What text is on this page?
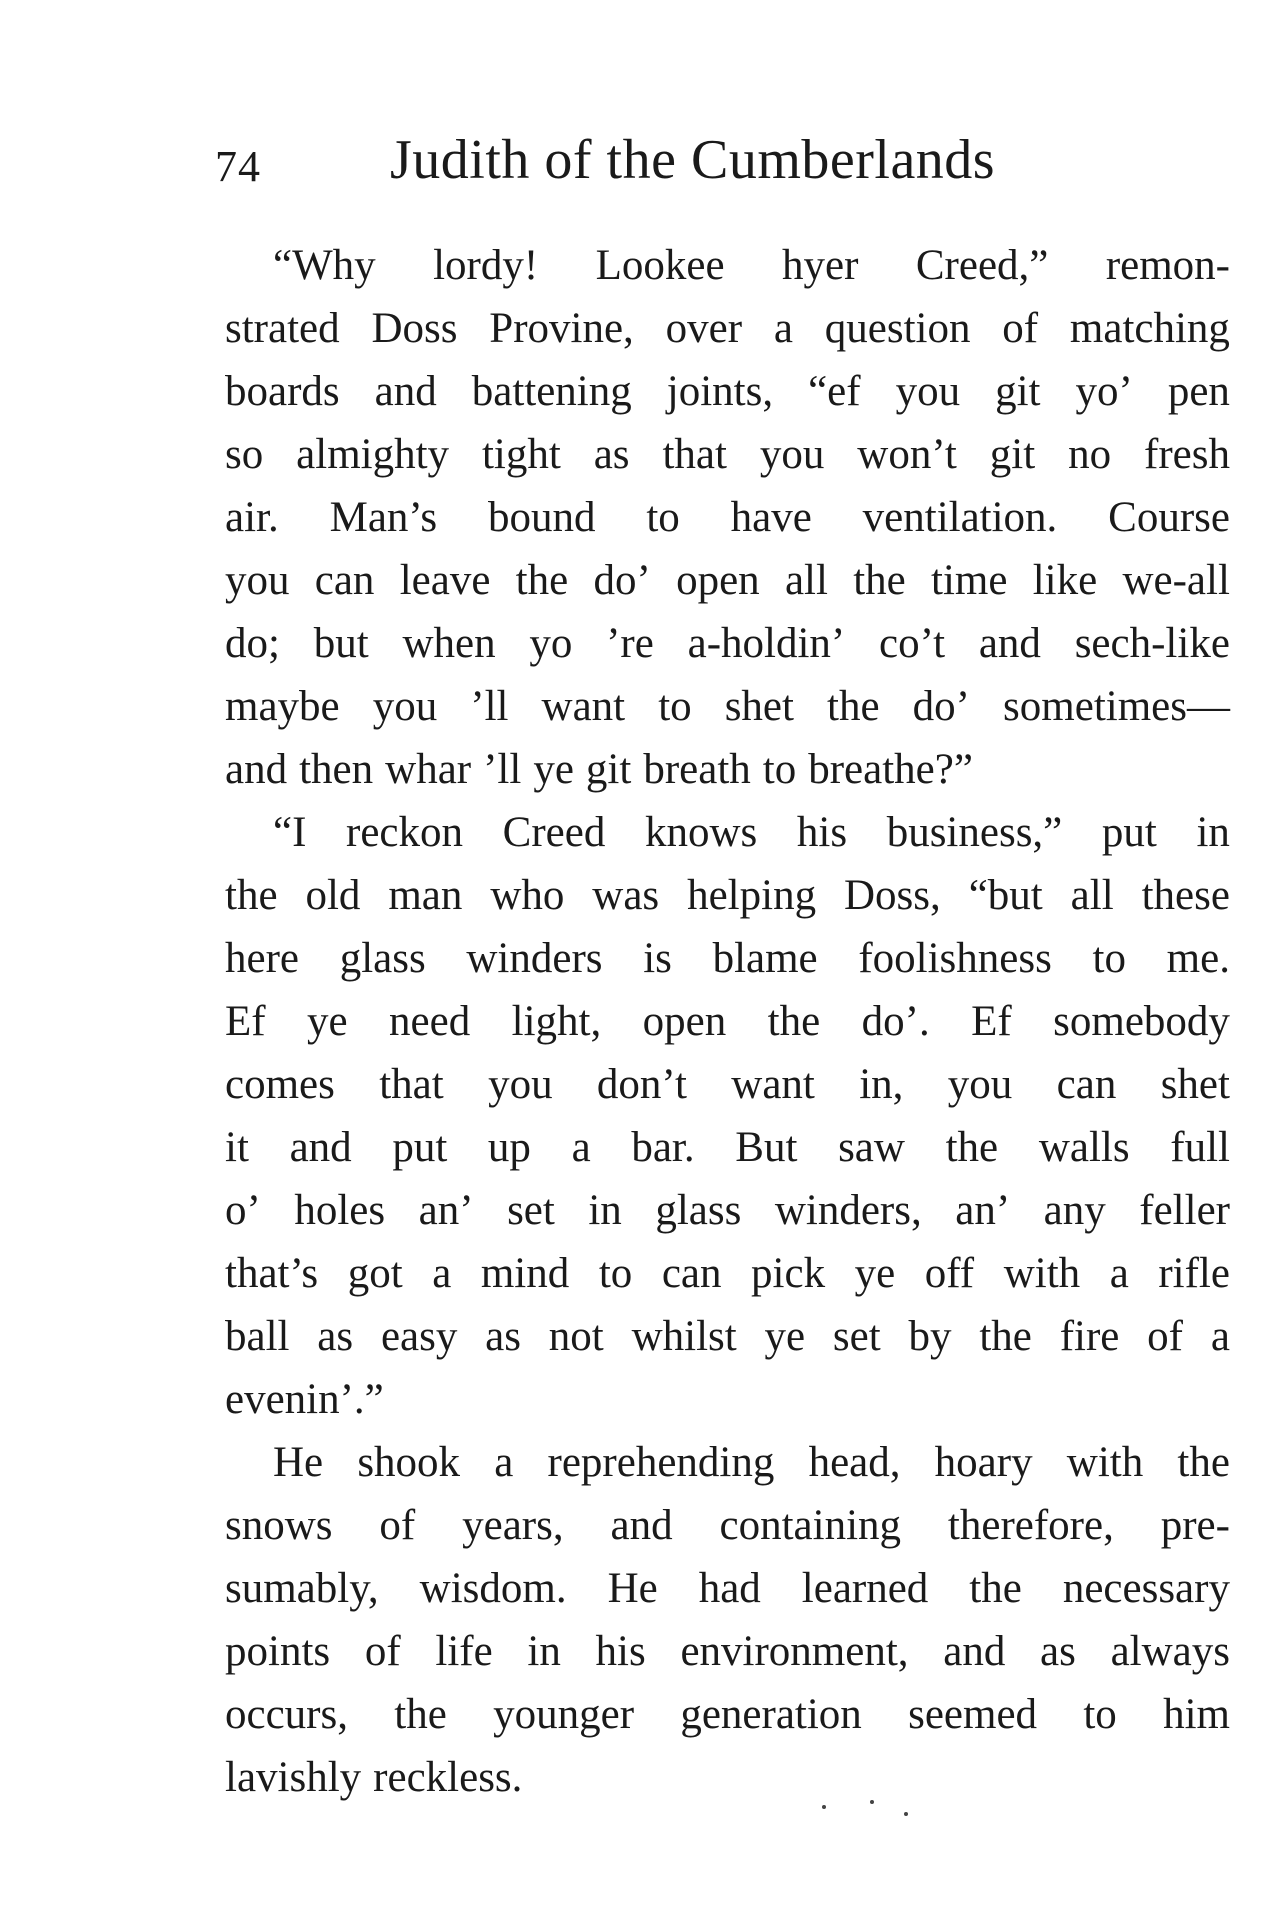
74 Judith of the Cumberlands
“Why lordy! Lookee hyer Creed,” remon-
strated Doss Provine, over a question of matching
boards and battening joints, “ef you git yo’ pen
so almighty tight as that you won’t git no fresh
air. Man’s bound to have ventilation. Course
you can leave the do’ open all the time like we-all
do; but when yo ’re a-holdin’ co’t and sech-like
maybe you ’ll want to shet the do’ sometimes—
and then whar ’ll ye git breath to breathe?”
“I reckon Creed knows his business,” put in
the old man who was helping Doss, “but all these
here glass winders is blame foolishness to me.
Ef ye need light, open the do’. Ef somebody
comes that you don’t want in, you can shet
it and put up a bar. But saw the walls full
o’ holes an’ set in glass winders, an’ any feller
that’s got a mind to can pick ye off with a rifle
ball as easy as not whilst ye set by the fire of a
evenin’.”
He shook a reprehending head, hoary with the
snows of years, and containing therefore, pre-
sumably, wisdom. He had learned the necessary
points of life in his environment, and as always
occurs, the younger generation seemed to him
lavishly reckless.
